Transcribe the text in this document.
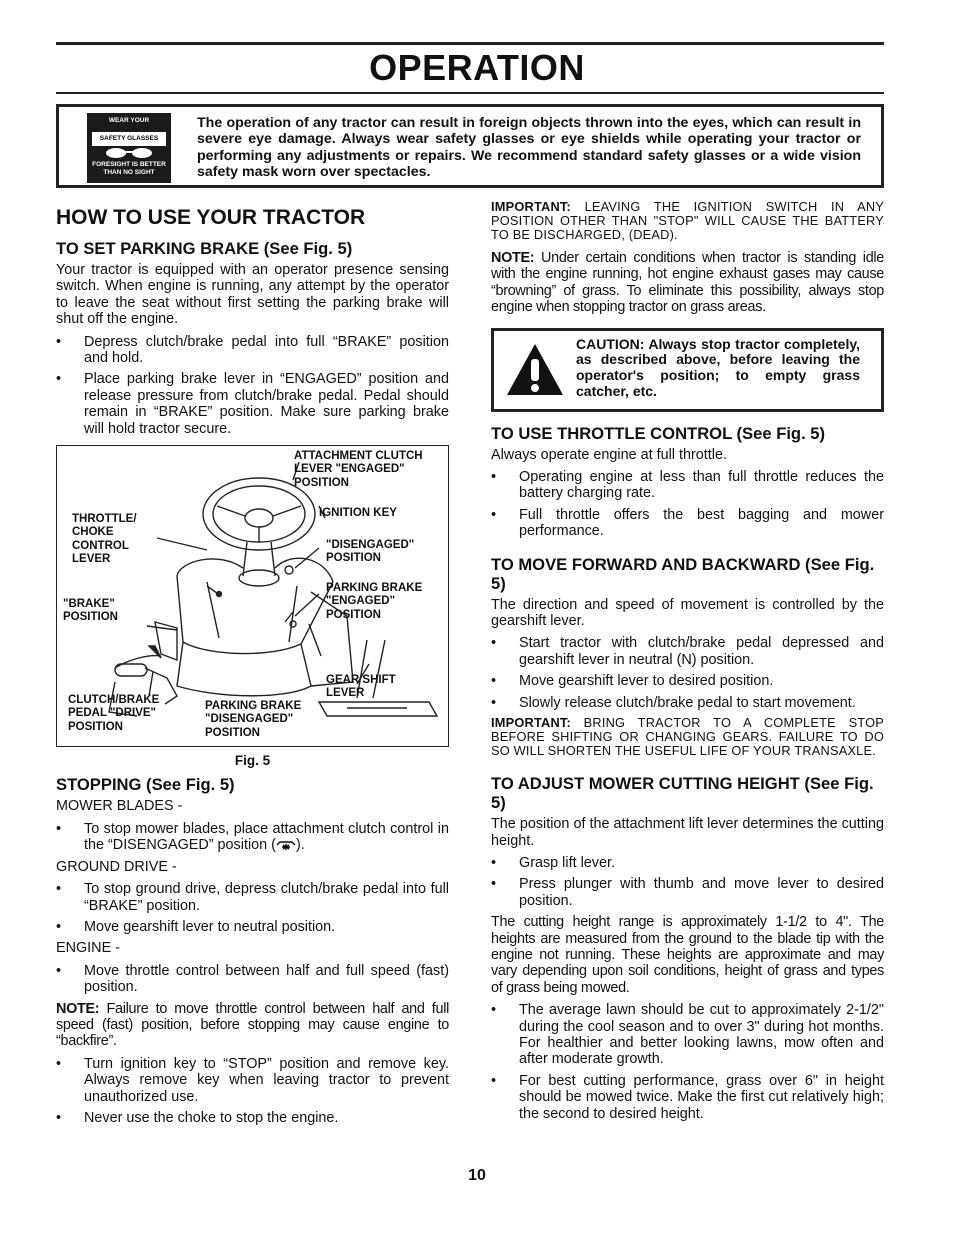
OPERATION
WEAR YOUR
SAFETY GLASSES
FORESIGHT IS BETTER
THAN NO SIGHT

The operation of any tractor can result in foreign objects thrown into the eyes, which can result in severe eye damage. Always wear safety glasses or eye shields while operating your tractor or performing any adjustments or repairs. We recommend standard safety glasses or a wide vision safety mask worn over spectacles.

HOW TO USE YOUR TRACTOR
TO SET PARKING BRAKE (See Fig. 5)

Your tractor is equipped with an operator presence sensing switch. When engine is running, any attempt by the operator to leave the seat without first setting the parking brake will shut off the engine.

• Depress clutch/brake pedal into full “BRAKE” position and hold.
• Place parking brake lever in “ENGAGED” position and release pressure from clutch/brake pedal. Pedal should remain in “BRAKE” position. Make sure parking brake will hold tractor secure.
ATTACHMENT CLUTCH
LEVER "ENGAGED"
POSITION
IGNITION KEY
THROTTLE/
CHOKE
CONTROL
LEVER
"DISENGAGED"
POSITION
PARKING BRAKE
"ENGAGED"
POSITION
"BRAKE"
POSITION
GEAR SHIFT
LEVER
CLUTCH/BRAKE
PEDAL "DRIVE"
POSITION
PARKING BRAKE
"DISENGAGED"
POSITION
Fig. 5
STOPPING (See Fig. 5)

MOWER BLADES -

• To stop mower blades, place attachment clutch control in the “DISENGAGED” position ( ).

GROUND DRIVE -

• To stop ground drive, depress clutch/brake pedal into full “BRAKE” position.
• Move gearshift lever to neutral position.

ENGINE -

• Move throttle control between half and full speed (fast) position.

NOTE: Failure to move throttle control between half and full speed (fast) position, before stopping may cause engine to “backfire”.

• Turn ignition key to “STOP” position and remove key. Always remove key when leaving tractor to prevent unauthorized use.
• Never use the choke to stop the engine.

IMPORTANT: LEAVING THE IGNITION SWITCH IN ANY POSITION OTHER THAN "STOP" WILL CAUSE THE BATTERY TO BE DISCHARGED, (DEAD).

NOTE: Under certain conditions when tractor is standing idle with the engine running, hot engine exhaust gases may cause “browning” of grass. To eliminate this possibility, always stop engine when stopping tractor on grass areas.

CAUTION: Always stop tractor completely, as described above, before leaving the operator's position; to empty grass catcher, etc.

TO USE THROTTLE CONTROL (See Fig. 5)

Always operate engine at full throttle.

• Operating engine at less than full throttle reduces the battery charging rate.
• Full throttle offers the best bagging and mower performance.
TO MOVE FORWARD AND BACKWARD (See Fig. 5)

The direction and speed of movement is controlled by the gearshift lever.

• Start tractor with clutch/brake pedal depressed and gearshift lever in neutral (N) position.
• Move gearshift lever to desired position.
• Slowly release clutch/brake pedal to start movement.

IMPORTANT: BRING TRACTOR TO A COMPLETE STOP BEFORE SHIFTING OR CHANGING GEARS. FAILURE TO DO SO WILL SHORTEN THE USEFUL LIFE OF YOUR TRANSAXLE.

TO ADJUST MOWER CUTTING HEIGHT (See Fig. 5)

The position of the attachment lift lever determines the cutting height.

• Grasp lift lever.
• Press plunger with thumb and move lever to desired position.

The cutting height range is approximately 1-1/2 to 4". The heights are measured from the ground to the blade tip with the engine not running. These heights are approximate and may vary depending upon soil conditions, height of grass and types of grass being mowed.

• The average lawn should be cut to approximately 2-1/2" during the cool season and to over 3" during hot months. For healthier and better looking lawns, mow often and after moderate growth.
• For best cutting performance, grass over 6" in height should be mowed twice. Make the first cut relatively high; the second to desired height.
10
